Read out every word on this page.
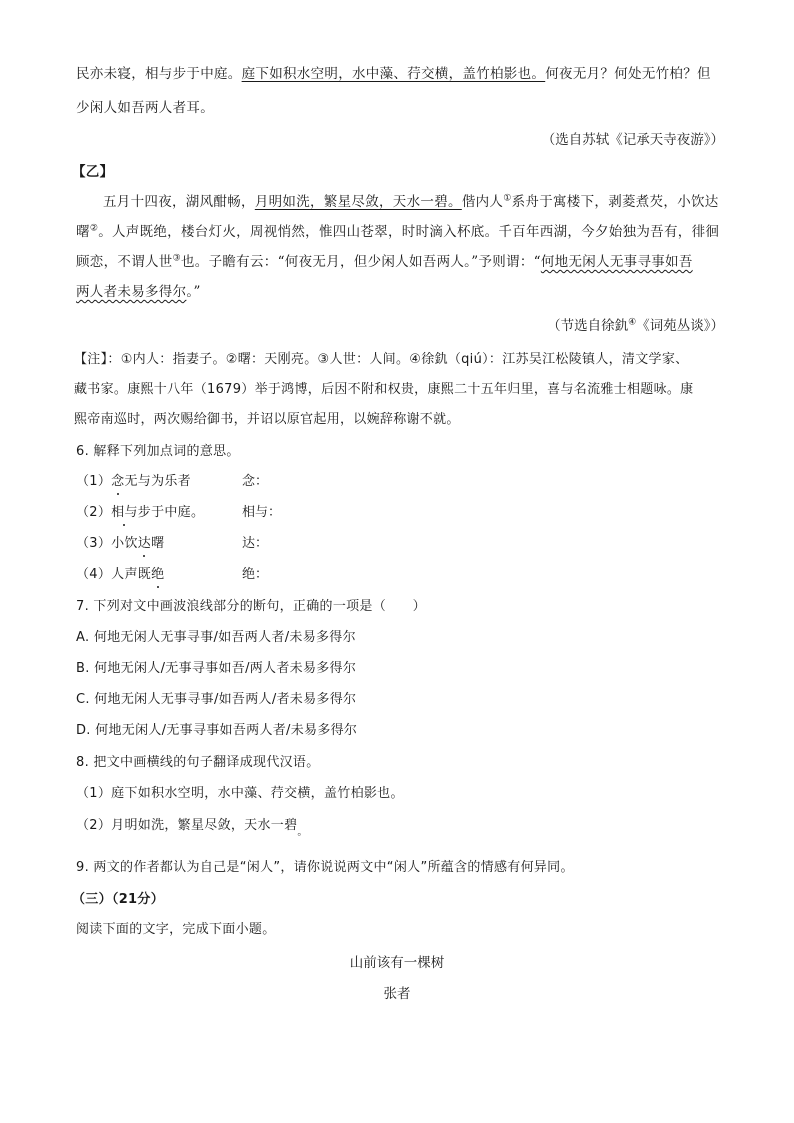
民亦未寝，相与步于中庭。庭下如积水空明，水中藻、荇交横，盖竹柏影也。何夜无月？何处无竹柏？但
少闲人如吾两人者耳。
（选自苏轼《记承天寺夜游》）
【乙】
五月十四夜，湖风酣畅，月明如洗，繁星尽敛，天水一碧。偕内人①系舟于寓楼下，剥菱煮芡，小饮达
曙②。人声既绝，楼台灯火，周视悄然，惟四山苍翠，时时滴入杯底。千百年西湖，今夕始独为吾有，徘徊
顾恋，不谓人世③也。子瞻有云：“何夜无月，但少闲人如吾两人。”予则谓：“何地无闲人无事寻事如吾
两人者未易多得尔。”
（节选自徐釚④《词苑丛谈》）
【注】：①内人：指妻子。②曙：天刚亮。③人世：人间。④徐釚（qiú）：江苏吴江松陵镇人，清文学家、
藏书家。康熙十八年（1679）举于鸿博，后因不附和权贵，康熙二十五年归里，喜与名流雅士相题咏。康
熙帝南巡时，两次赐给御书，并诏以原官起用，以婉辞称谢不就。
6. 解释下列加点词的意思。
（1）念无与为乐者	念：
（2）相与步于中庭。	相与：
（3）小饮达曙	达：
（4）人声既绝	绝：
7. 下列对文中画波浪线部分的断句，正确的一项是（　　）
A. 何地无闲人无事寻事/如吾两人者/未易多得尔
B. 何地无闲人/无事寻事如吾/两人者未易多得尔
C. 何地无闲人无事寻事/如吾两人/者未易多得尔
D. 何地无闲人/无事寻事如吾两人者/未易多得尔
8. 把文中画横线的句子翻译成现代汉语。
（1）庭下如积水空明，水中藻、荇交横，盖竹柏影也。
（2）月明如洗，繁星尽敛，天水一碧$_。$
9. 两文的作者都认为自己是“闲人”，请你说说两文中“闲人”所蕴含的情感有何异同。
（三）（21分）
阅读下面的文字，完成下面小题。
山前该有一棵树
张者
